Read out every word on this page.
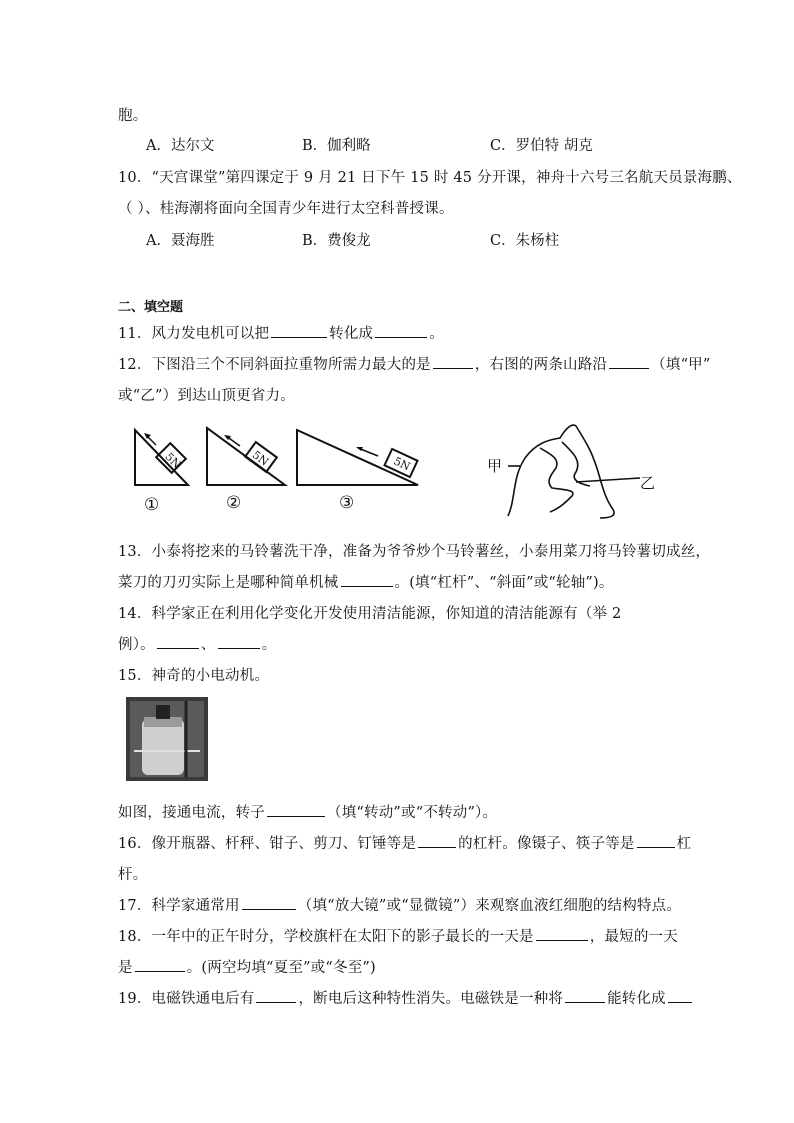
胞。
A．达尔文	B．伽利略	C．罗伯特 胡克
10．“天宫课堂”第四课定于 9 月 21 日下午 15 时 45 分开课，神舟十六号三名航天员景海鹏、
（ ）、桂海潮将面向全国青少年进行太空科普授课。
A．聂海胜	B．费俊龙	C．朱杨柱
二、填空题
11．风力发电机可以把	转化成	。
12．下图沿三个不同斜面拉重物所需力最大的是	，右图的两条山路沿	（填“甲”
或“乙”）到达山顶更省力。
5N	5N	5N
①	②	③
甲
乙
13．小泰将挖来的马铃薯洗干净，准备为爷爷炒个马铃薯丝，小泰用菜刀将马铃薯切成丝，
菜刀的刀刃实际上是哪种简单机械	。(填“杠杆”、“斜面”或“轮轴”)。
14．科学家正在利用化学变化开发使用清洁能源，你知道的清洁能源有（举 2
例）。	、	。
15．神奇的小电动机。
如图，接通电流，转子	（填“转动”或“不转动”）。
16．像开瓶器、杆秤、钳子、剪刀、钉锤等是	的杠杆。像镊子、筷子等是	杠
杆。
17．科学家通常用	（填“放大镜”或“显微镜”）来观察血液红细胞的结构特点。
18．一年中的正午时分，学校旗杆在太阳下的影子最长的一天是	，最短的一天
是	。(两空均填“夏至”或“冬至”)
19．电磁铁通电后有	，断电后这种特性消失。电磁铁是一种将	能转化成
